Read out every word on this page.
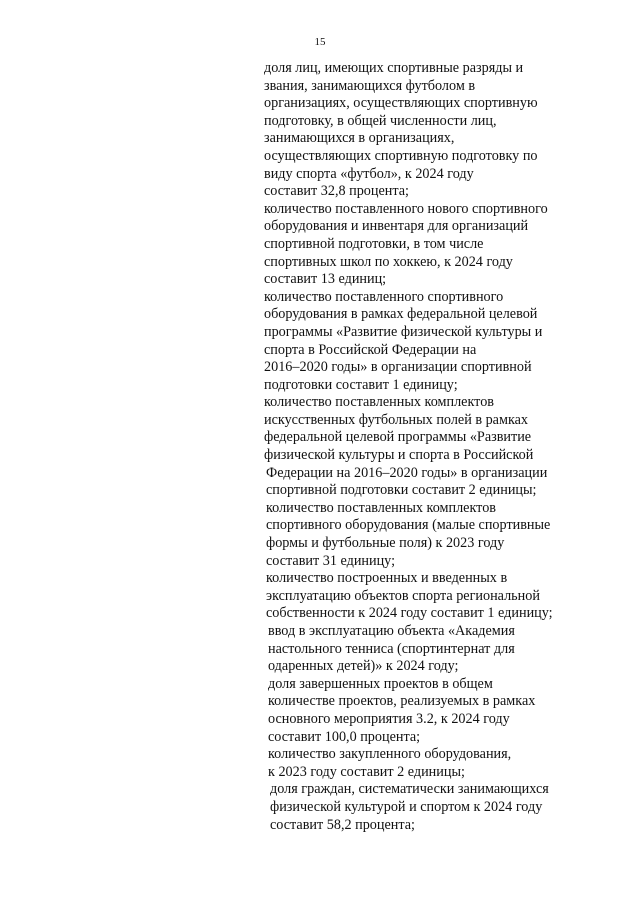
15
доля лиц, имеющих спортивные разряды и
звания, занимающихся футболом в
организациях, осуществляющих спортивную
подготовку, в общей численности лиц,
занимающихся в организациях,
осуществляющих спортивную подготовку по
виду спорта «футбол», к 2024 году
составит 32,8 процента;
количество поставленного нового спортивного
оборудования и инвентаря для организаций
спортивной подготовки, в том числе
спортивных школ по хоккею, к 2024 году
составит 13 единиц;
количество поставленного спортивного
оборудования в рамках федеральной целевой
программы «Развитие физической культуры и
спорта в Российской Федерации на
2016–2020 годы» в организации спортивной
подготовки составит 1 единицу;
количество поставленных комплектов
искусственных футбольных полей в рамках
федеральной целевой программы «Развитие
физической культуры и спорта в Российской
Федерации на 2016–2020 годы» в организации
спортивной подготовки составит 2 единицы;
количество поставленных комплектов
спортивного оборудования (малые спортивные
формы и футбольные поля) к 2023 году
составит 31 единицу;
количество построенных и введенных в
эксплуатацию объектов спорта региональной
собственности к 2024 году составит 1 единицу;
ввод в эксплуатацию объекта «Академия
настольного тенниса (спортинтернат для
одаренных детей)» к 2024 году;
доля завершенных проектов в общем
количестве проектов, реализуемых в рамках
основного мероприятия 3.2, к 2024 году
составит 100,0 процента;
количество закупленного оборудования,
к 2023 году составит 2 единицы;
доля граждан, систематически занимающихся
физической культурой и спортом к 2024 году
составит 58,2 процента;
